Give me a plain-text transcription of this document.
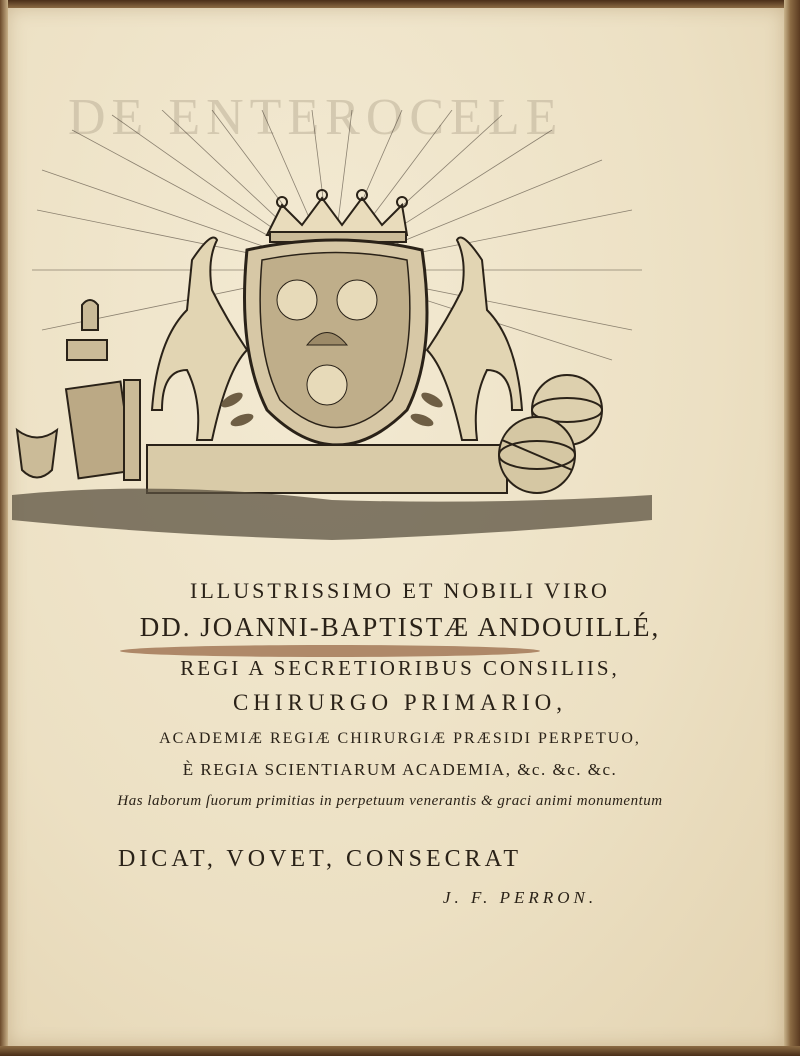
DE ENTEROCELE
ILLUSTRISSIMO ET NOBILI VIRO
DD. JOANNI-BAPTISTÆ ANDOUILLÉ,
REGI A SECRETIORIBUS CONSILIIS,
CHIRURGO PRIMARIO,
ACADEMIÆ REGIÆ CHIRURGIÆ PRÆSIDI PERPETUO,
È REGIA SCIENTIARUM ACADEMIA, &c. &c. &c.
Has laborum ſuorum primitias in perpetuum venerantis & graci animi monumentum
DICAT, VOVET, CONSECRAT
J. F. PERRON.
